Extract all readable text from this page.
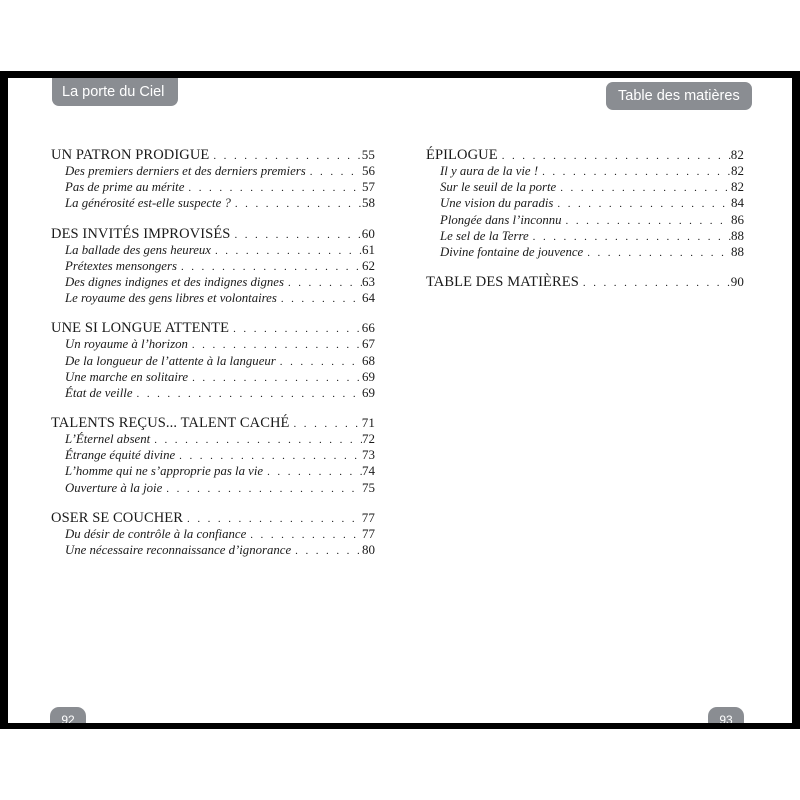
La porte du Ciel	Table des matières
UN PATRON PRODIGUE . . .	55
Des premiers derniers et des derniers premiers . . .	56
Pas de prime au mérite . . .	57
La générosité est-elle suspecte ? . . .	58
DES INVITÉS IMPROVISÉS . . .	60
La ballade des gens heureux . . .	61
Prétextes mensongers . . .	62
Des dignes indignes et des indignes dignes . . .	63
Le royaume des gens libres et volontaires . . .	64
UNE SI LONGUE ATTENTE . . .	66
Un royaume à l’horizon . . .	67
De la longueur de l’attente à la langueur . . .	68
Une marche en solitaire . . .	69
État de veille . . .	69
TALENTS REÇUS... TALENT CACHÉ . . .	71
L’Éternel absent . . .	72
Étrange équité divine . . .	73
L’homme qui ne s’approprie pas la vie . . .	74
Ouverture à la joie . . .	75
OSER SE COUCHER . . .	77
Du désir de contrôle à la confiance . . .	77
Une nécessaire reconnaissance d’ignorance . . .	80
ÉPILOGUE . . .	82
Il y aura de la vie ! . . .	82
Sur le seuil de la porte . . .	82
Une vision du paradis . . .	84
Plongée dans l’inconnu . . .	86
Le sel de la Terre . . .	88
Divine fontaine de jouvence . . .	88
TABLE DES MATIÈRES . . .	90
92	93
